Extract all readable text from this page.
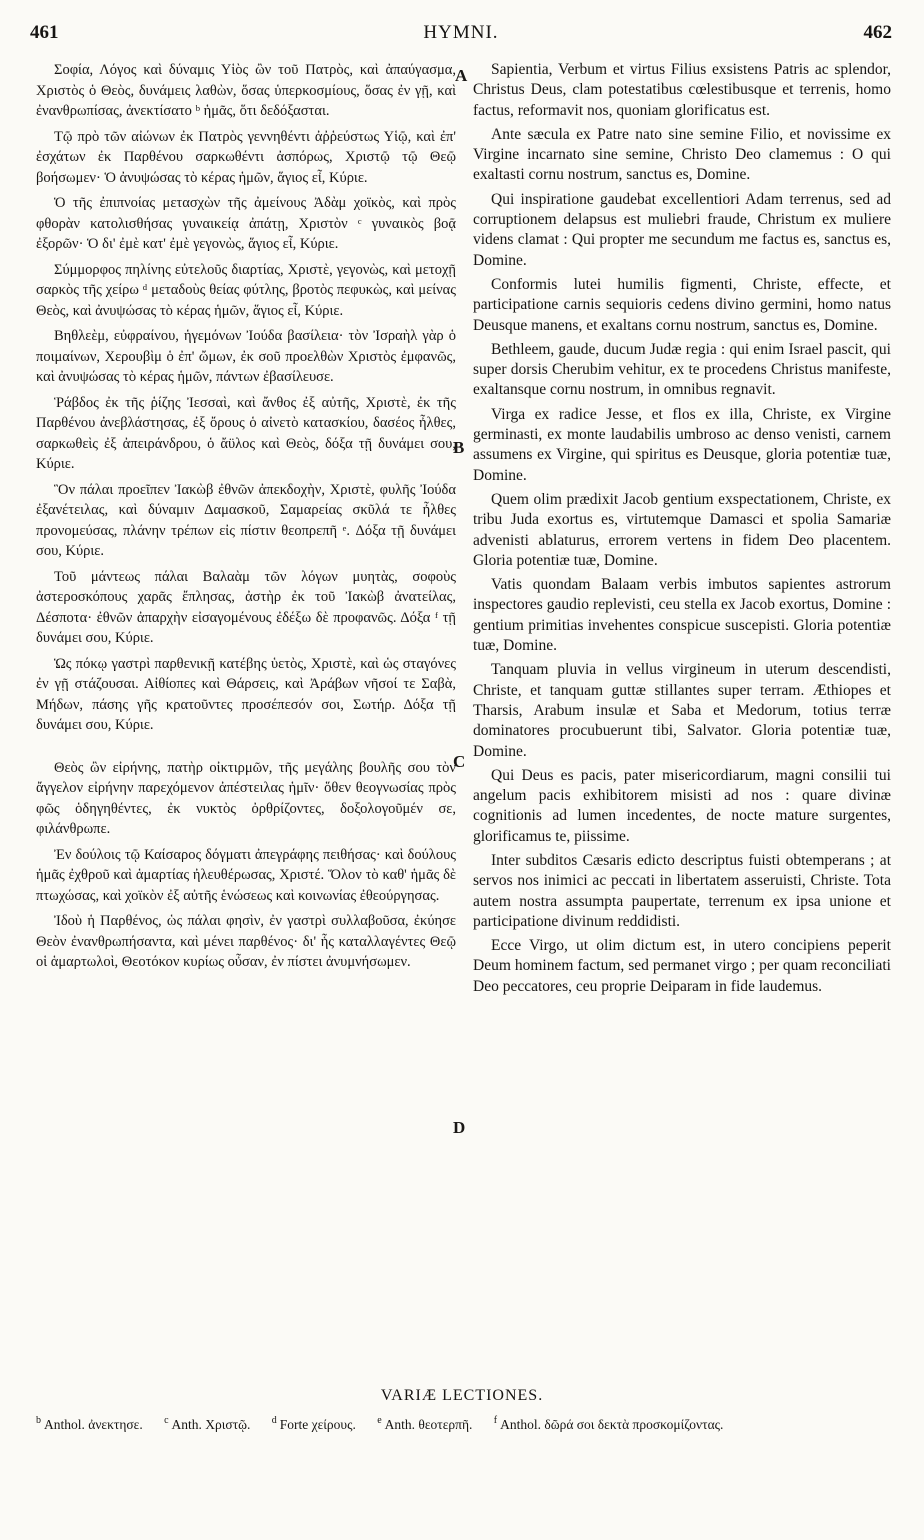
461	HYMNI.	462

Σοφία, Λόγος καὶ δύναμις Υἱὸς ὢν τοῦ Πατρὸς, καὶ ἀπαύγασμα, Χριστὸς ὁ Θεὸς, δυνάμεις λαθὼν, ὅσας ὑπερκοσμίους, ὅσας ἐν γῇ, καὶ ἐνανθρωπίσας, ἀνεκτίσατο ᵇ ἡμᾶς, ὅτι δεδόξασται.

Τῷ πρὸ τῶν αἰώνων ἐκ Πατρὸς γεννηθέντι ἀῤῥεύστως Υἱῷ, καὶ ἐπ' ἐσχάτων ἐκ Παρθένου σαρκωθέντι ἀσπόρως, Χριστῷ τῷ Θεῷ βοήσωμεν· Ὁ ἀνυψώσας τὸ κέρας ἡμῶν, ἅγιος εἶ, Κύριε.

Ὁ τῆς ἐπιπνοίας μετασχὼν τῆς ἀμείνους Ἀδὰμ χοϊκὸς, καὶ πρὸς φθορὰν κατολισθήσας γυναικείᾳ ἀπάτῃ, Χριστὸν ᶜ γυναικὸς βοᾷ ἐξορῶν· Ὁ δι' ἐμὲ κατ' ἐμὲ γεγονὼς, ἅγιος εἶ, Κύριε.

Σύμμορφος πηλίνης εὐτελοῦς διαρτίας, Χριστὲ, γεγονὼς, καὶ μετοχῇ σαρκὸς τῆς χείρω ᵈ μεταδοὺς θείας φύτλης, βροτὸς πεφυκὼς, καὶ μείνας Θεὸς, καὶ ἀνυψώσας τὸ κέρας ἡμῶν, ἅγιος εἶ, Κύριε.

Βηθλεὲμ, εὐφραίνου, ἡγεμόνων Ἰούδα βασίλεια· τὸν Ἰσραὴλ γὰρ ὁ ποιμαίνων, Χερουβὶμ ὁ ἐπ' ὤμων, ἐκ σοῦ προελθὼν Χριστὸς ἐμφανῶς, καὶ ἀνυψώσας τὸ κέρας ἡμῶν, πάντων ἐβασίλευσε.

Ῥάβδος ἐκ τῆς ῥίζης Ἰεσσαὶ, καὶ ἄνθος ἐξ αὐτῆς, Χριστὲ, ἐκ τῆς Παρθένου ἀνεβλάστησας, ἐξ ὄρους ὁ αἰνετὸ κατασκίου, δασέος ἦλθες, σαρκωθεὶς ἐξ ἀπειράνδρου, ὁ ἄϋλος καὶ Θεὸς, δόξα τῇ δυνάμει σου, Κύριε.

Ὃν πάλαι προεῖπεν Ἰακὼβ ἐθνῶν ἀπεκδοχὴν, Χριστὲ, φυλῆς Ἰούδα ἐξανέτειλας, καὶ δύναμιν Δαμασκοῦ, Σαμαρείας σκῦλά τε ἦλθες προνομεύσας, πλάνην τρέπων εἰς πίστιν θεοπρεπῆ ᵉ. Δόξα τῇ δυνάμει σου, Κύριε.

Τοῦ μάντεως πάλαι Βαλαὰμ τῶν λόγων μυητὰς, σοφοὺς ἀστεροσκόπους χαρᾶς ἔπλησας, ἀστὴρ ἐκ τοῦ Ἰακὼβ ἀνατείλας, Δέσποτα· ἐθνῶν ἀπαρχὴν εἰσαγομένους ἐδέξω δὲ προφανῶς. Δόξα ᶠ τῇ δυνάμει σου, Κύριε.

Ὡς πόκῳ γαστρὶ παρθενικῇ κατέβης ὑετὸς, Χριστὲ, καὶ ὡς σταγόνες ἐν γῇ στάζουσαι. Αἰθίοπες καὶ Θάρσεις, καὶ Ἀράβων νῆσοί τε Σαβὰ, Μήδων, πάσης γῆς κρατοῦντες προσέπεσόν σοι, Σωτήρ. Δόξα τῇ δυνάμει σου, Κύριε.

Θεὸς ὢν εἰρήνης, πατὴρ οἰκτιρμῶν, τῆς μεγάλης βουλῆς σου τὸν ἄγγελον εἰρήνην παρεχόμενον ἀπέστειλας ἡμῖν· ὅθεν θεογνωσίας πρὸς φῶς ὁδηγηθέντες, ἐκ νυκτὸς ὀρθρίζοντες, δοξολογοῦμέν σε, φιλάνθρωπε.

Ἐν δούλοις τῷ Καίσαρος δόγματι ἀπεγράφης πειθήσας· καὶ δούλους ἡμᾶς ἐχθροῦ καὶ ἁμαρτίας ἠλευθέρωσας, Χριστέ. Ὅλον τὸ καθ' ἡμᾶς δὲ πτωχώσας, καὶ χοϊκὸν ἐξ αὐτῆς ἑνώσεως καὶ κοινωνίας ἐθεούργησας.

Ἰδοὺ ἡ Παρθένος, ὡς πάλαι φησὶν, ἐν γαστρὶ συλλαβοῦσα, ἐκύησε Θεὸν ἐνανθρωπήσαντα, καὶ μένει παρθένος· δι' ἧς καταλλαγέντες Θεῷ οἱ ἁμαρτωλοὶ, Θεοτόκον κυρίως οὖσαν, ἐν πίστει ἀνυμνήσωμεν.

A
B
C
D

Sapientia, Verbum et virtus Filius exsistens Patris ac splendor, Christus Deus, clam potestatibus cœlestibusque et terrenis, homo factus, reformavit nos, quoniam glorificatus est.

Ante sæcula ex Patre nato sine semine Filio, et novissime ex Virgine incarnato sine semine, Christo Deo clamemus : O qui exaltasti cornu nostrum, sanctus es, Domine.

Qui inspiratione gaudebat excellentiori Adam terrenus, sed ad corruptionem delapsus est muliebri fraude, Christum ex muliere videns clamat : Qui propter me secundum me factus es, sanctus es, Domine.

Conformis lutei humilis figmenti, Christe, effecte, et participatione carnis sequioris cedens divino germini, homo natus Deusque manens, et exaltans cornu nostrum, sanctus es, Domine.

Bethleem, gaude, ducum Judæ regia : qui enim Israel pascit, qui super dorsis Cherubim vehitur, ex te procedens Christus manifeste, exaltansque cornu nostrum, in omnibus regnavit.

Virga ex radice Jesse, et flos ex illa, Christe, ex Virgine germinasti, ex monte laudabilis umbroso ac denso venisti, carnem assumens ex Virgine, qui spiritus es Deusque, gloria potentiæ tuæ, Domine.

Quem olim prædixit Jacob gentium exspectationem, Christe, ex tribu Juda exortus es, virtutemque Damasci et spolia Samariæ advenisti ablaturus, errorem vertens in fidem Deo placentem. Gloria potentiæ tuæ, Domine.

Vatis quondam Balaam verbis imbutos sapientes astrorum inspectores gaudio replevisti, ceu stella ex Jacob exortus, Domine : gentium primitias invehentes conspicue suscepisti. Gloria potentiæ tuæ, Domine.

Tanquam pluvia in vellus virgineum in uterum descendisti, Christe, et tanquam guttæ stillantes super terram. Æthiopes et Tharsis, Arabum insulæ et Saba et Medorum, totius terræ dominatores procubuerunt tibi, Salvator. Gloria potentiæ tuæ, Domine.

Qui Deus es pacis, pater misericordiarum, magni consilii tui angelum pacis exhibitorem misisti ad nos : quare divinæ cognitionis ad lumen incedentes, de nocte mature surgentes, glorificamus te, piissime.

Inter subditos Cæsaris edicto descriptus fuisti obtemperans ; at servos nos inimici ac peccati in libertatem asseruisti, Christe. Tota autem nostra assumpta paupertate, terrenum ex ipsa unione et participatione divinum reddidisti.

Ecce Virgo, ut olim dictum est, in utero concipiens peperit Deum hominem factum, sed permanet virgo ; per quam reconciliati Deo peccatores, ceu proprie Deiparam in fide laudemus.

VARIÆ LECTIONES.
$^b$ Anthol. ἀνεκτησε. $^c$ Anth. Χριστῷ. $^d$ Forte χείρους. $^e$ Anth. θεοτερπῆ. $^f$ Anthol. δῶρά σοι δεκτὰ προσκομίζοντας.
